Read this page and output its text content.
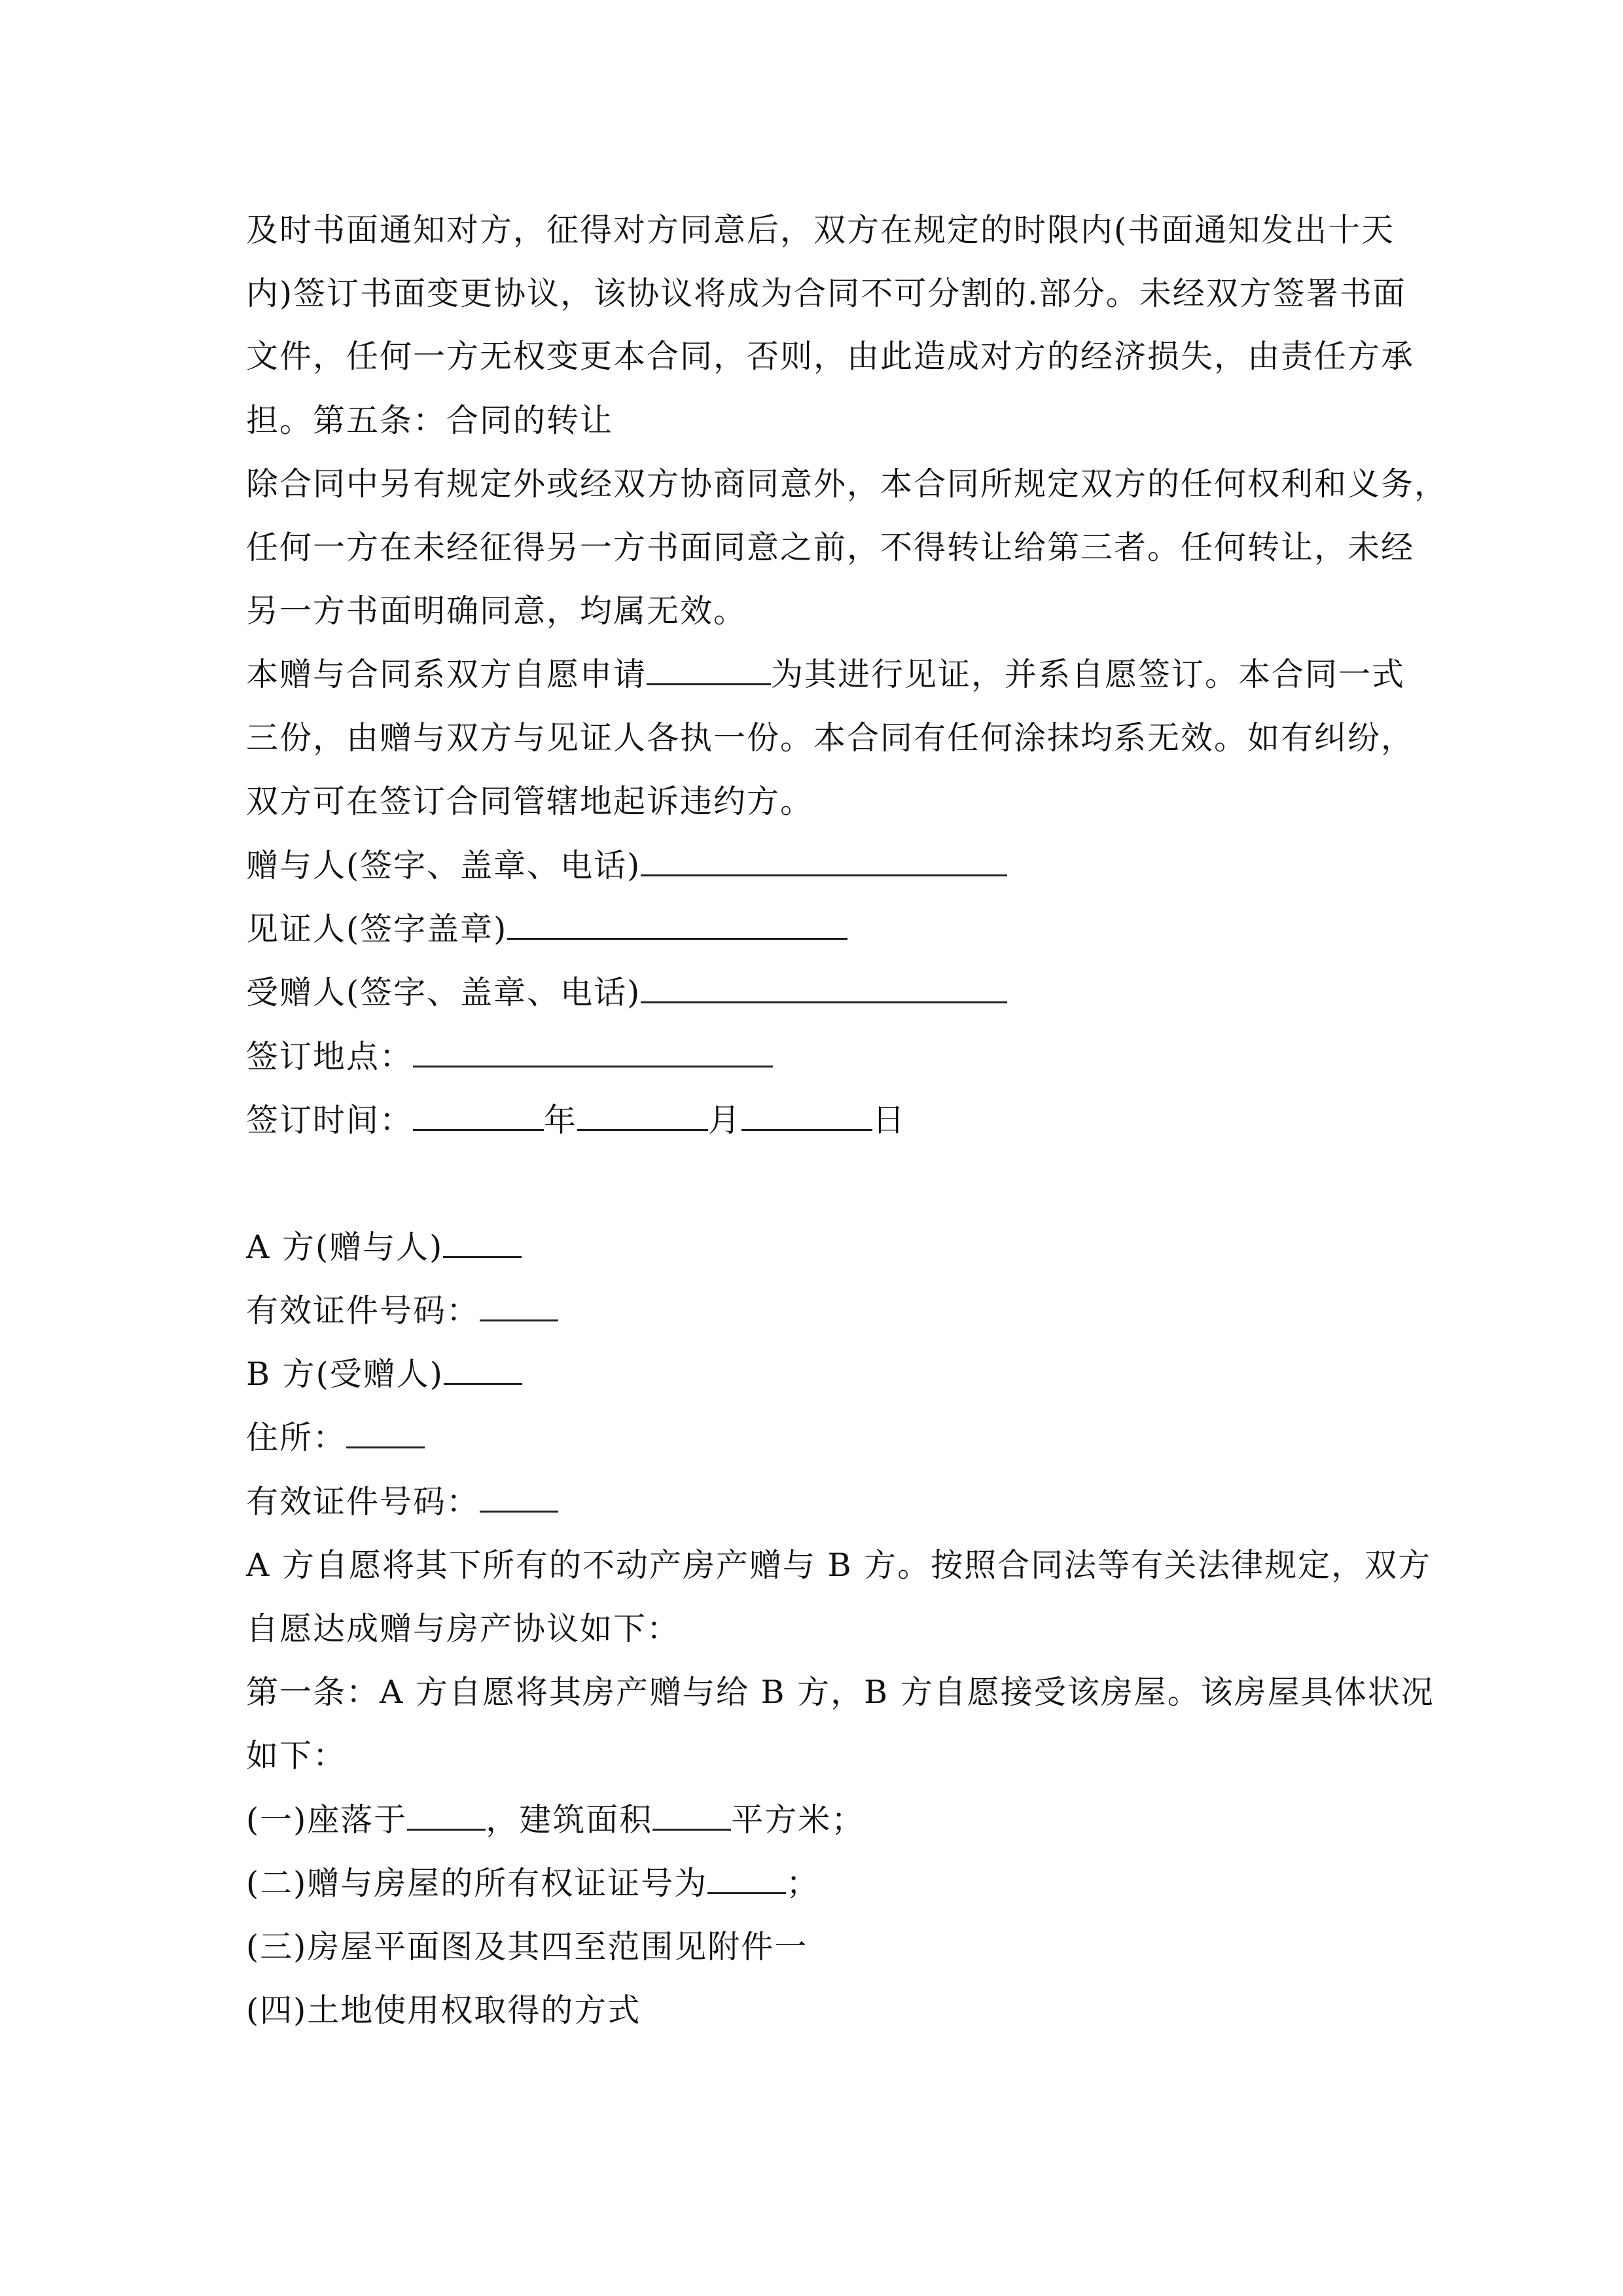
及时书面通知对方，征得对方同意后，双方在规定的时限内(书面通知发出十天
内)签订书面变更协议，该协议将成为合同不可分割的.部分。未经双方签署书面
文件，任何一方无权变更本合同，否则，由此造成对方的经济损失，由责任方承
担。第五条：合同的转让
除合同中另有规定外或经双方协商同意外，本合同所规定双方的任何权利和义务，
任何一方在未经征得另一方书面同意之前，不得转让给第三者。任何转让，未经
另一方书面明确同意，均属无效。
本赠与合同系双方自愿申请	为其进行见证，并系自愿签订。本合同一式
三份，由赠与双方与见证人各执一份。本合同有任何涂抹均系无效。如有纠纷，
双方可在签订合同管辖地起诉违约方。
赠与人(签字、盖章、电话)
见证人(签字盖章)
受赠人(签字、盖章、电话)
签订地点：
签订时间：	年	月	日
A 方(赠与人)
有效证件号码：
B 方(受赠人)
住所：
有效证件号码：
A 方自愿将其下所有的不动产房产赠与 B 方。按照合同法等有关法律规定，双方
自愿达成赠与房产协议如下：
第一条：A 方自愿将其房产赠与给 B 方，B 方自愿接受该房屋。该房屋具体状况
如下：
(一)座落于 ，建筑面积 平方米；
(二)赠与房屋的所有权证证号为 ；
(三)房屋平面图及其四至范围见附件一
(四)土地使用权取得的方式
